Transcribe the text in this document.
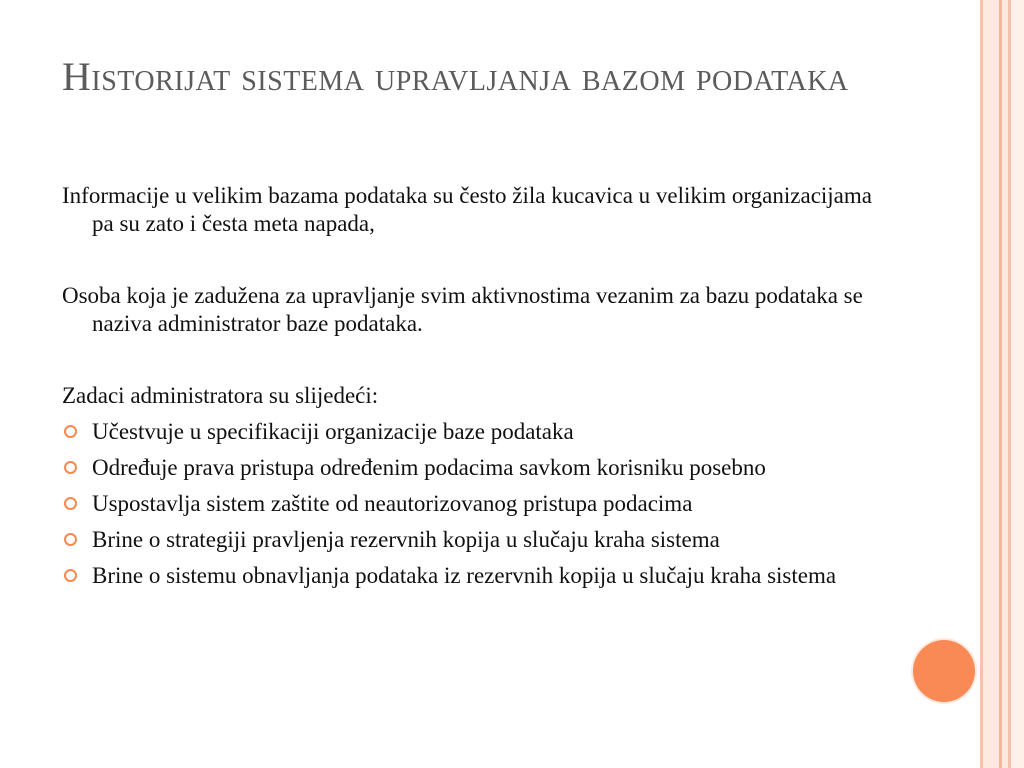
Historijat sistema upravljanja bazom podataka

Informacije u velikim bazama podataka su često žila kucavica u velikim organizacijama pa su zato i česta meta napada,

Osoba koja je zadužena za upravljanje svim aktivnostima vezanim za bazu podataka se naziva administrator baze podataka.

Zadaci administratora su slijedeći:

Učestvuje u specifikaciji organizacije baze podataka
Određuje prava pristupa određenim podacima savkom korisniku posebno
Uspostavlja sistem zaštite od neautorizovanog pristupa podacima
Brine o strategiji pravljenja rezervnih kopija u slučaju kraha sistema
Brine o sistemu obnavljanja podataka iz rezervnih kopija u slučaju kraha sistema
